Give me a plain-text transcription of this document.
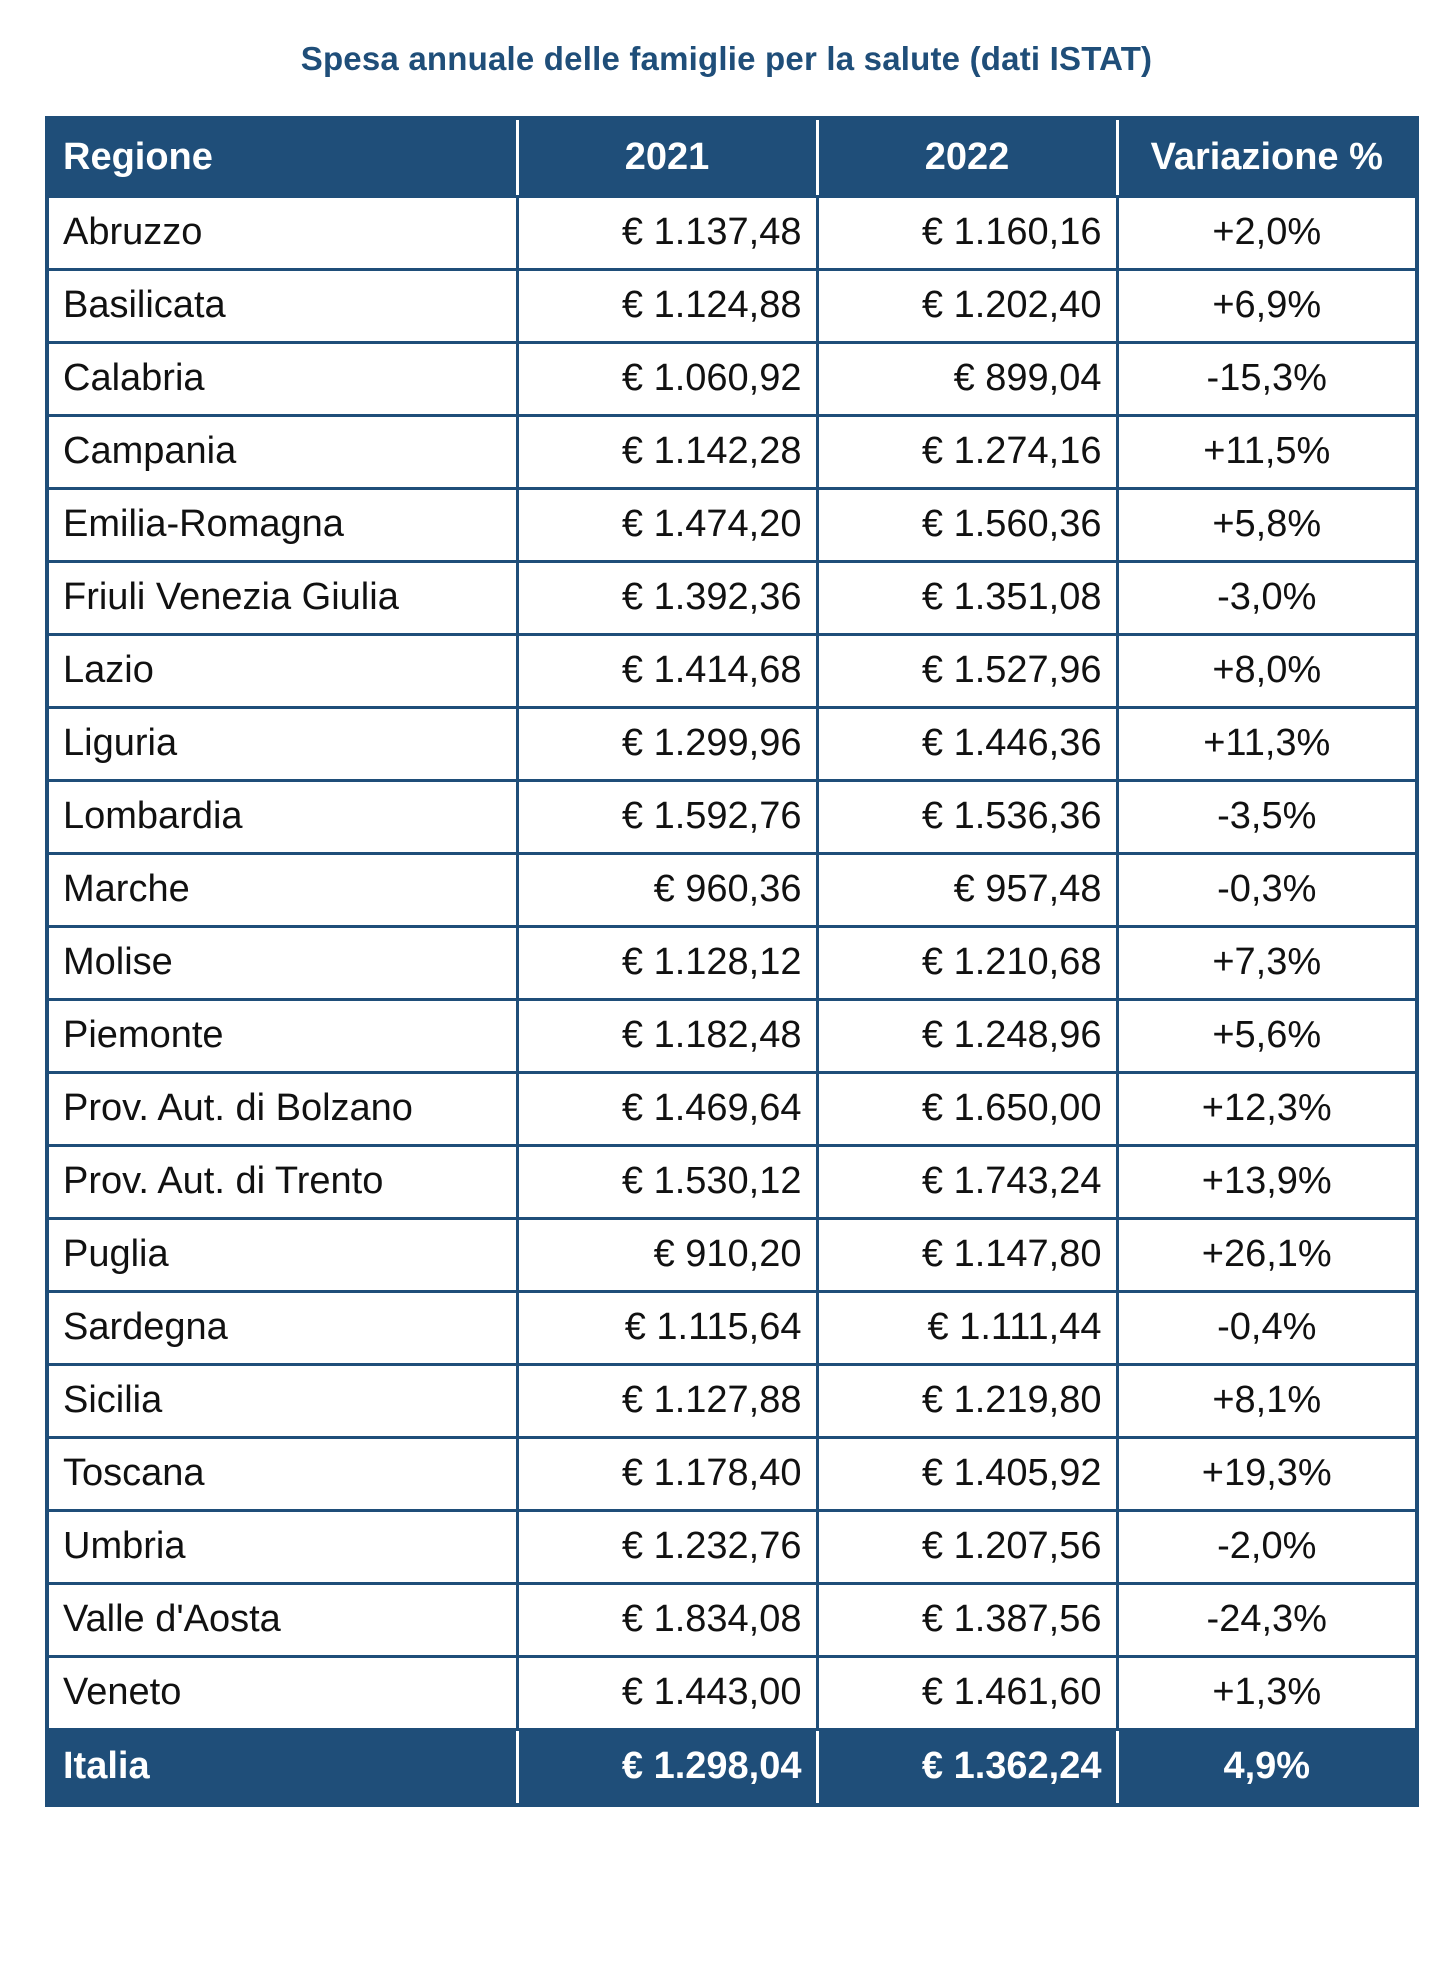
Spesa annuale delle famiglie per la salute (dati ISTAT)
Regione	2021	2022	Variazione %
Abruzzo	€ 1.137,48	€ 1.160,16	+2,0%
Basilicata	€ 1.124,88	€ 1.202,40	+6,9%
Calabria	€ 1.060,92	€ 899,04	-15,3%
Campania	€ 1.142,28	€ 1.274,16	+11,5%
Emilia-Romagna	€ 1.474,20	€ 1.560,36	+5,8%
Friuli Venezia Giulia	€ 1.392,36	€ 1.351,08	-3,0%
Lazio	€ 1.414,68	€ 1.527,96	+8,0%
Liguria	€ 1.299,96	€ 1.446,36	+11,3%
Lombardia	€ 1.592,76	€ 1.536,36	-3,5%
Marche	€ 960,36	€ 957,48	-0,3%
Molise	€ 1.128,12	€ 1.210,68	+7,3%
Piemonte	€ 1.182,48	€ 1.248,96	+5,6%
Prov. Aut. di Bolzano	€ 1.469,64	€ 1.650,00	+12,3%
Prov. Aut. di Trento	€ 1.530,12	€ 1.743,24	+13,9%
Puglia	€ 910,20	€ 1.147,80	+26,1%
Sardegna	€ 1.115,64	€ 1.111,44	-0,4%
Sicilia	€ 1.127,88	€ 1.219,80	+8,1%
Toscana	€ 1.178,40	€ 1.405,92	+19,3%
Umbria	€ 1.232,76	€ 1.207,56	-2,0%
Valle d'Aosta	€ 1.834,08	€ 1.387,56	-24,3%
Veneto	€ 1.443,00	€ 1.461,60	+1,3%
Italia	€ 1.298,04	€ 1.362,24	4,9%
